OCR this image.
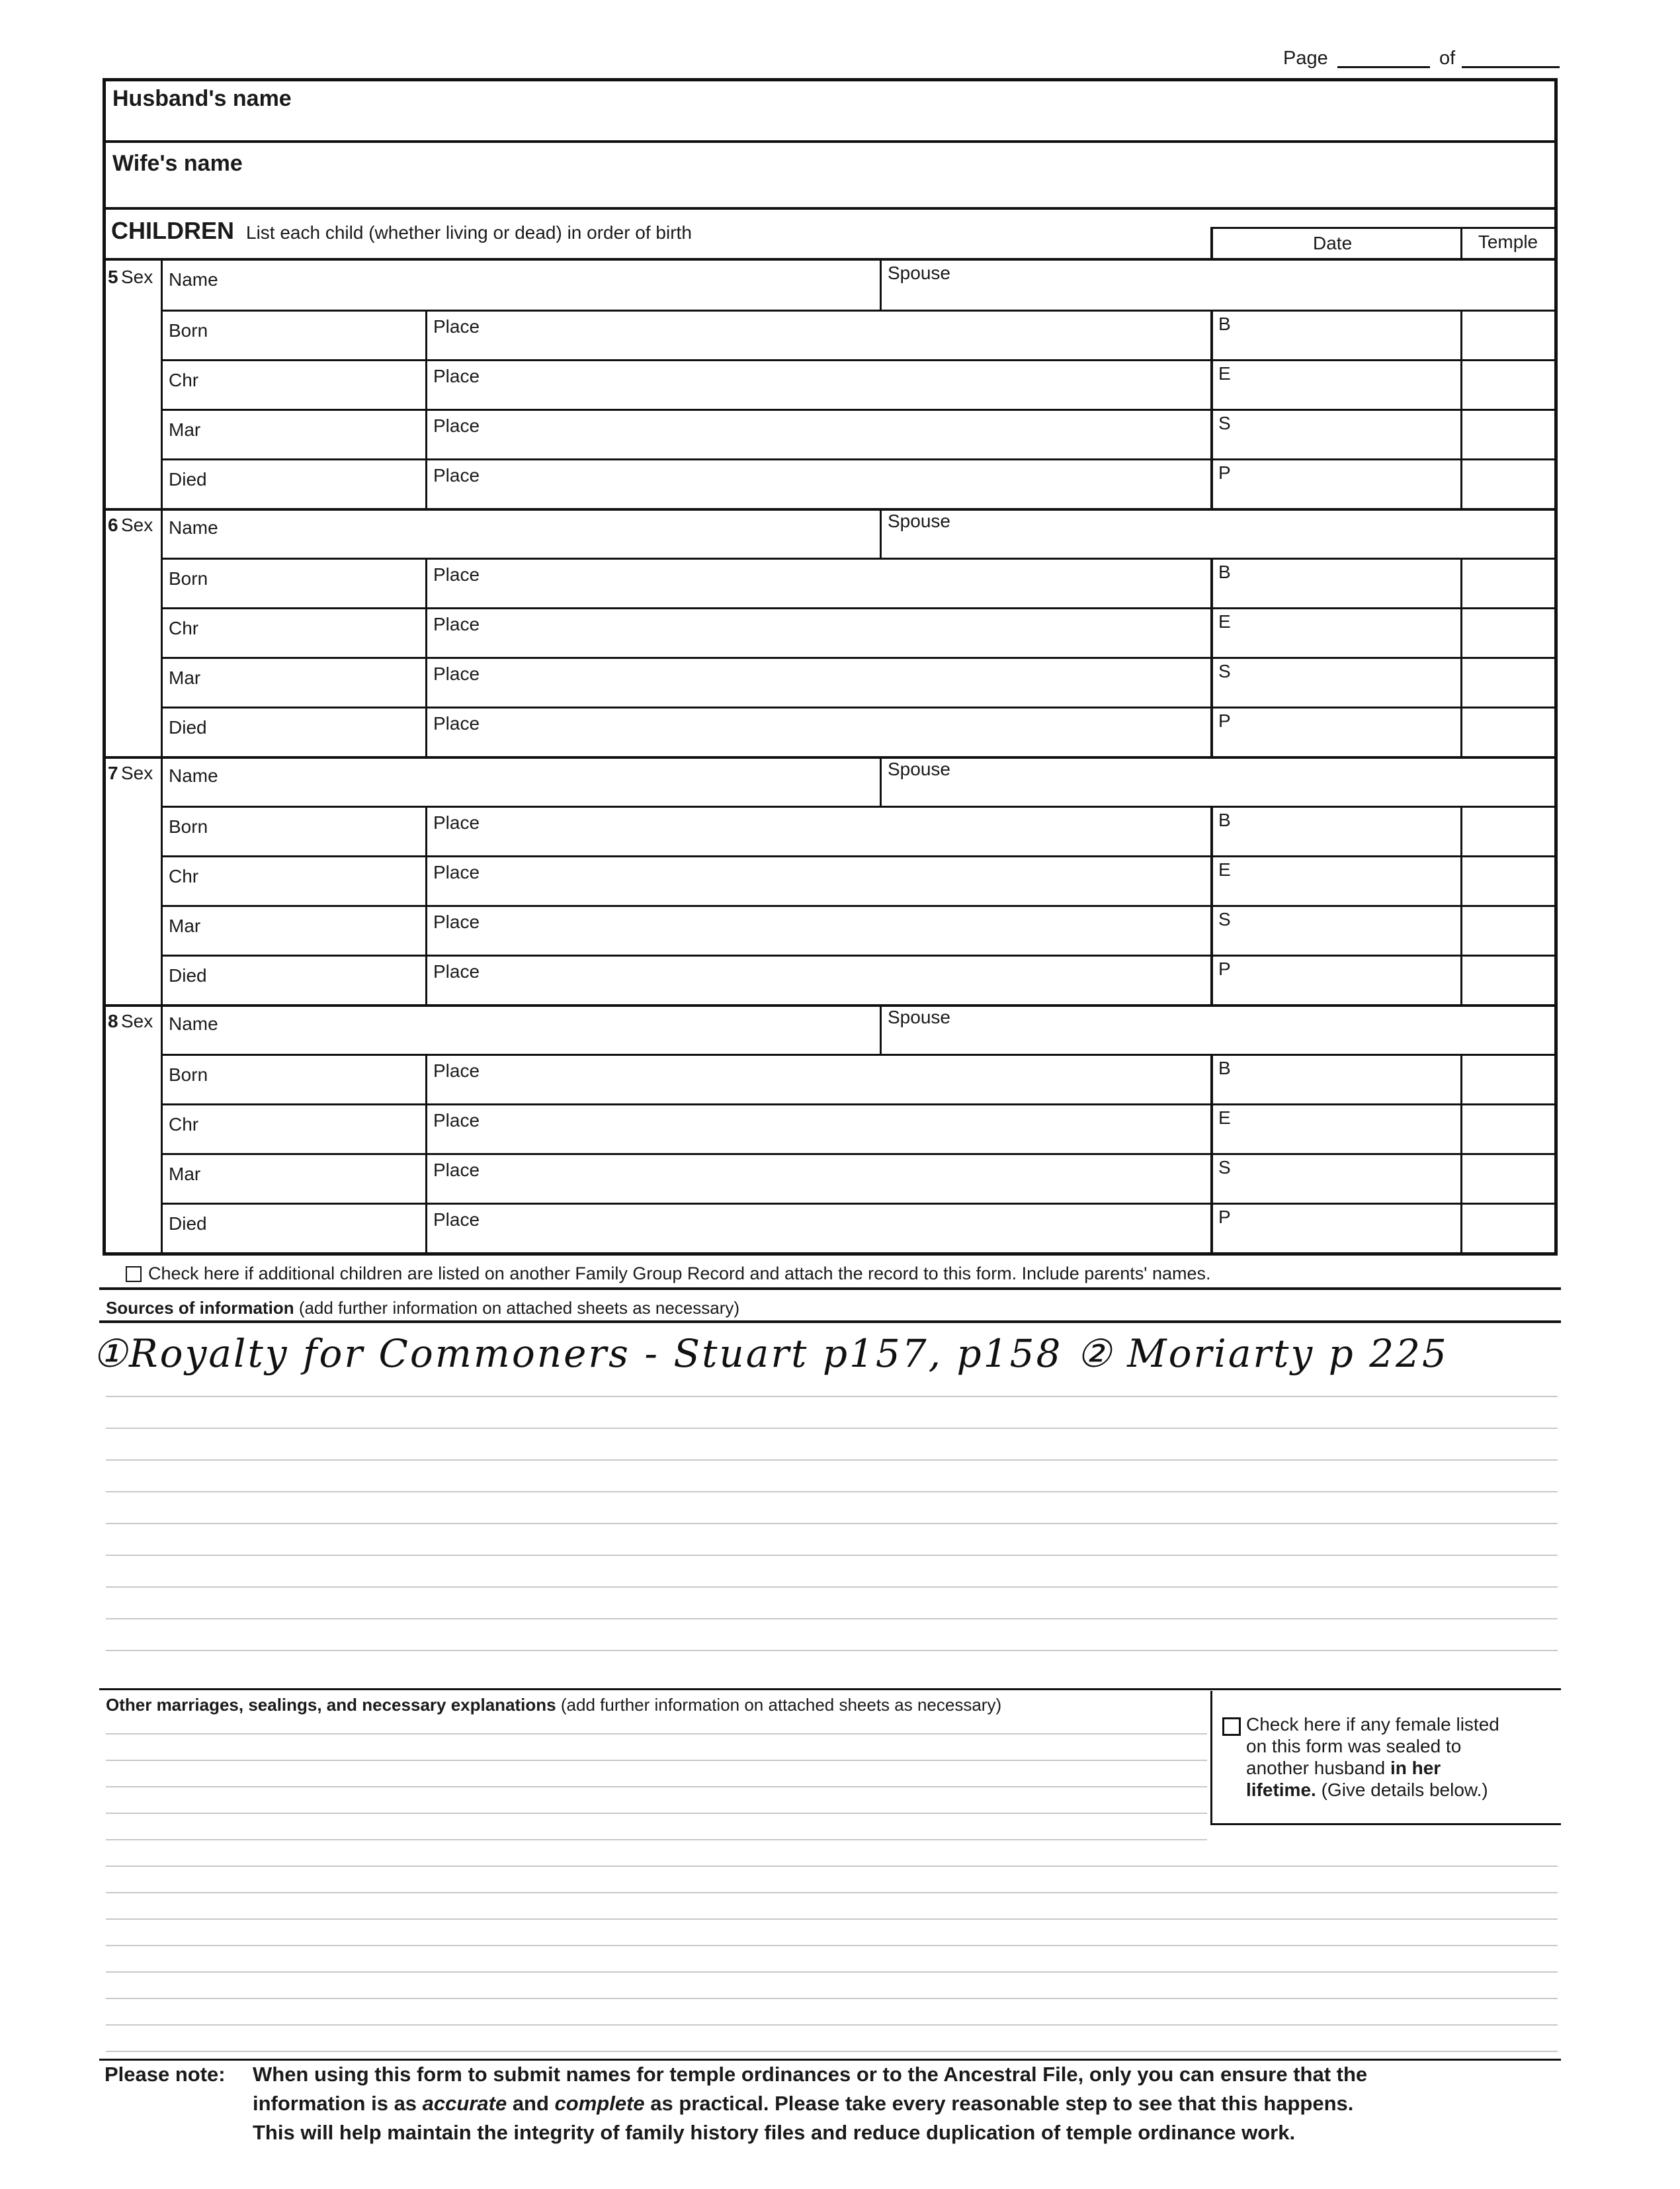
Page	of
Husband's name
Wife's name
CHILDREN List each child (whether living or dead) in order of birth
Date	Temple
5 Sex Name	Spouse
Born	Place	B
Chr	Place	E
Mar	Place	S
Died	Place	P
6 Sex Name	Spouse
Born	Place	B
Chr	Place	E
Mar	Place	S
Died	Place	P
7 Sex Name	Spouse
Born	Place	B
Chr	Place	E
Mar	Place	S
Died	Place	P
8 Sex Name	Spouse
Born	Place	B
Chr	Place	E
Mar	Place	S
Died	Place	P
Check here if additional children are listed on another Family Group Record and attach the record to this form. Include parents' names.
Sources of information (add further information on attached sheets as necessary)
①Royalty for Commoners - Stuart p157, p158 ② Moriarty p 225
Other marriages, sealings, and necessary explanations (add further information on attached sheets as necessary)
Check here if any female listed
on this form was sealed to
another husband in her
lifetime. (Give details below.)
Please note: When using this form to submit names for temple ordinances or to the Ancestral File, only you can ensure that the
information is as accurate and complete as practical. Please take every reasonable step to see that this happens.
This will help maintain the integrity of family history files and reduce duplication of temple ordinance work.
